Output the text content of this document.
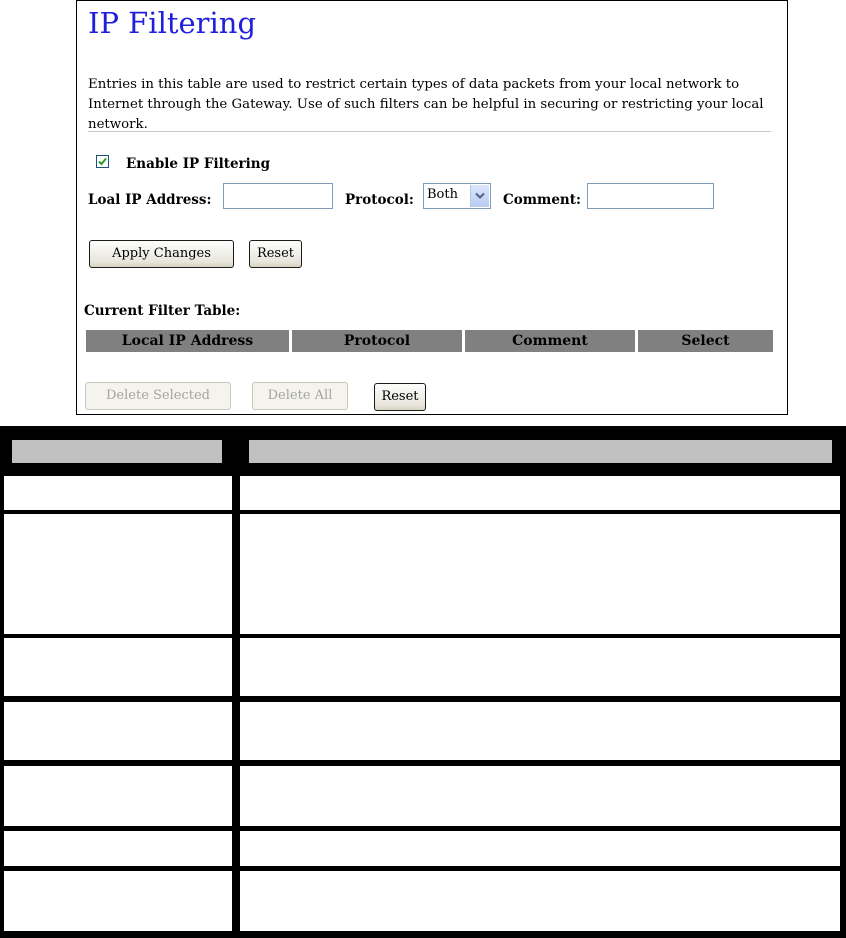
IP Filtering

Entries in this table are used to restrict certain types of data packets from your local network to Internet through the Gateway. Use of such filters can be helpful in securing or restricting your local network.

Enable IP Filtering
Loal IP Address:	Protocol: Both	Comment:
Apply Changes	Reset
Current Filter Table:
Local IP Address	Protocol	Comment	Select
Delete Selected	Delete All	Reset
